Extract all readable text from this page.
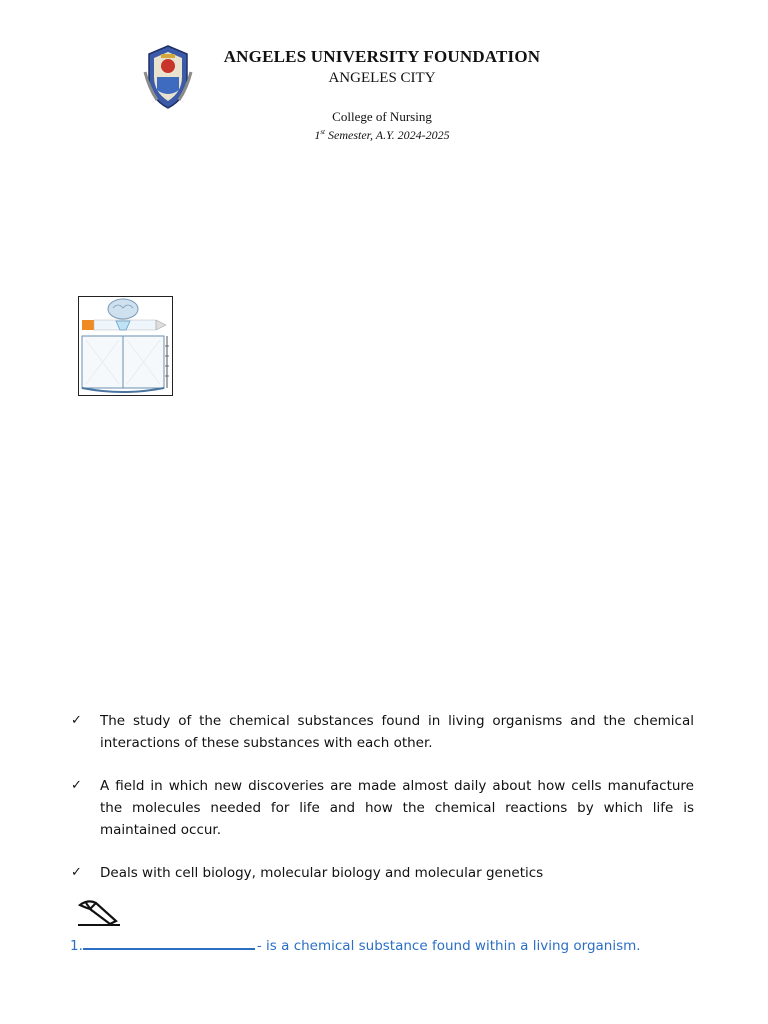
ANGELES UNIVERSITY FOUNDATION
ANGELES CITY
College of Nursing
1st Semester, A.Y. 2024-2025
✓	The study of the chemical substances found in living organisms and the chemical interactions of these substances with each other.
✓	A field in which new discoveries are made almost daily about how cells manufacture the molecules needed for life and how the chemical reactions by which life is maintained occur.
✓	Deals with cell biology, molecular biology and molecular genetics
1.	- is a chemical substance found within a living organism.
